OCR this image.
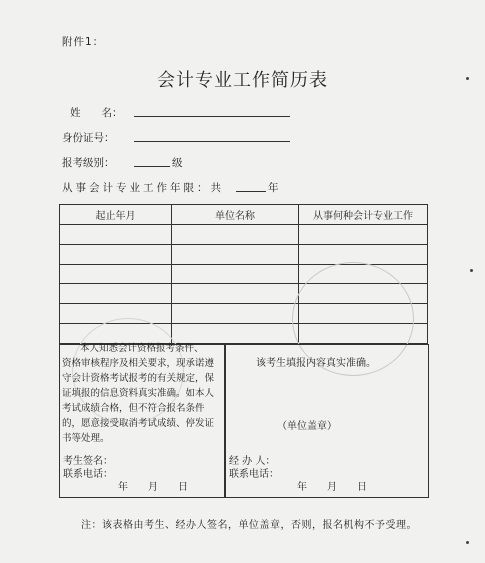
附件1：
会计专业工作简历表
姓　　名：
身份证号：
报考级别：	级
从事会计专业工作年限：共	年
起止年月	单位名称	从事何种会计专业工作

本人知悉会计资格报考条件、
资格审核程序及相关要求，现承诺遵
守会计资格考试报考的有关规定，保
证填报的信息资料真实准确。如本人
考试成绩合格，但不符合报名条件
的，愿意接受取消考试成绩、停发证
书等处理。
考生签名：
联系电话：
年　　月　　日
该考生填报内容真实准确。
（单位盖章）
经 办 人：
联系电话：
年　　月　　日
注：该表格由考生、经办人签名，单位盖章，否则，报名机构不予受理。
